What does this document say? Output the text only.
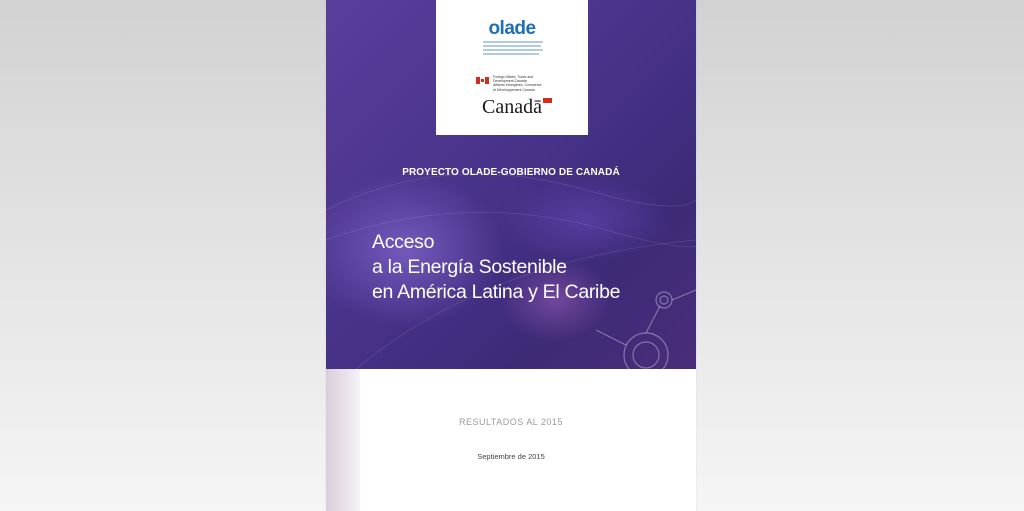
olade
Foreign Affairs, Trade and
Development Canada
Affaires étrangères, Commerce
et Développement Canada
Canadā
PROYECTO OLADE-GOBIERNO DE CANADÁ
Acceso
a la Energía Sostenible
en América Latina y El Caribe
RESULTADOS AL 2015
Septiembre de 2015
